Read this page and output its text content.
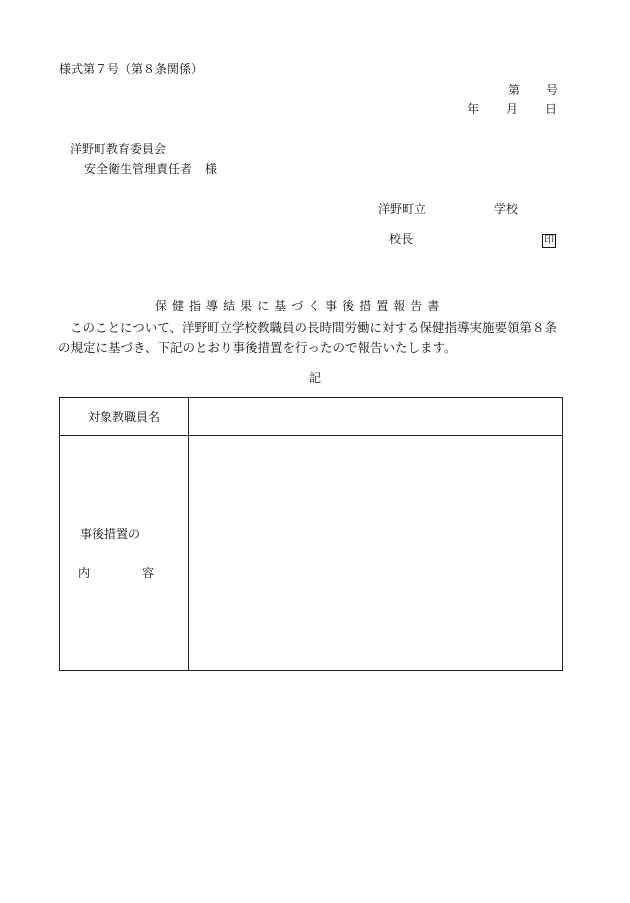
様式第７号（第８条関係）
第 号
年 月 日
洋野町教育委員会
安全衛生管理責任者 様
洋野町立	学校
校長	印
保 健 指 導 結 果 に 基 づ く 事 後 措 置 報 告 書
このことについて、洋野町立学校教職員の長時間労働に対する保健指導実施要領第８条
の規定に基づき、下記のとおり事後措置を行ったので報告いたします。
記
対象教職員名	

事後措置の
内 容	
